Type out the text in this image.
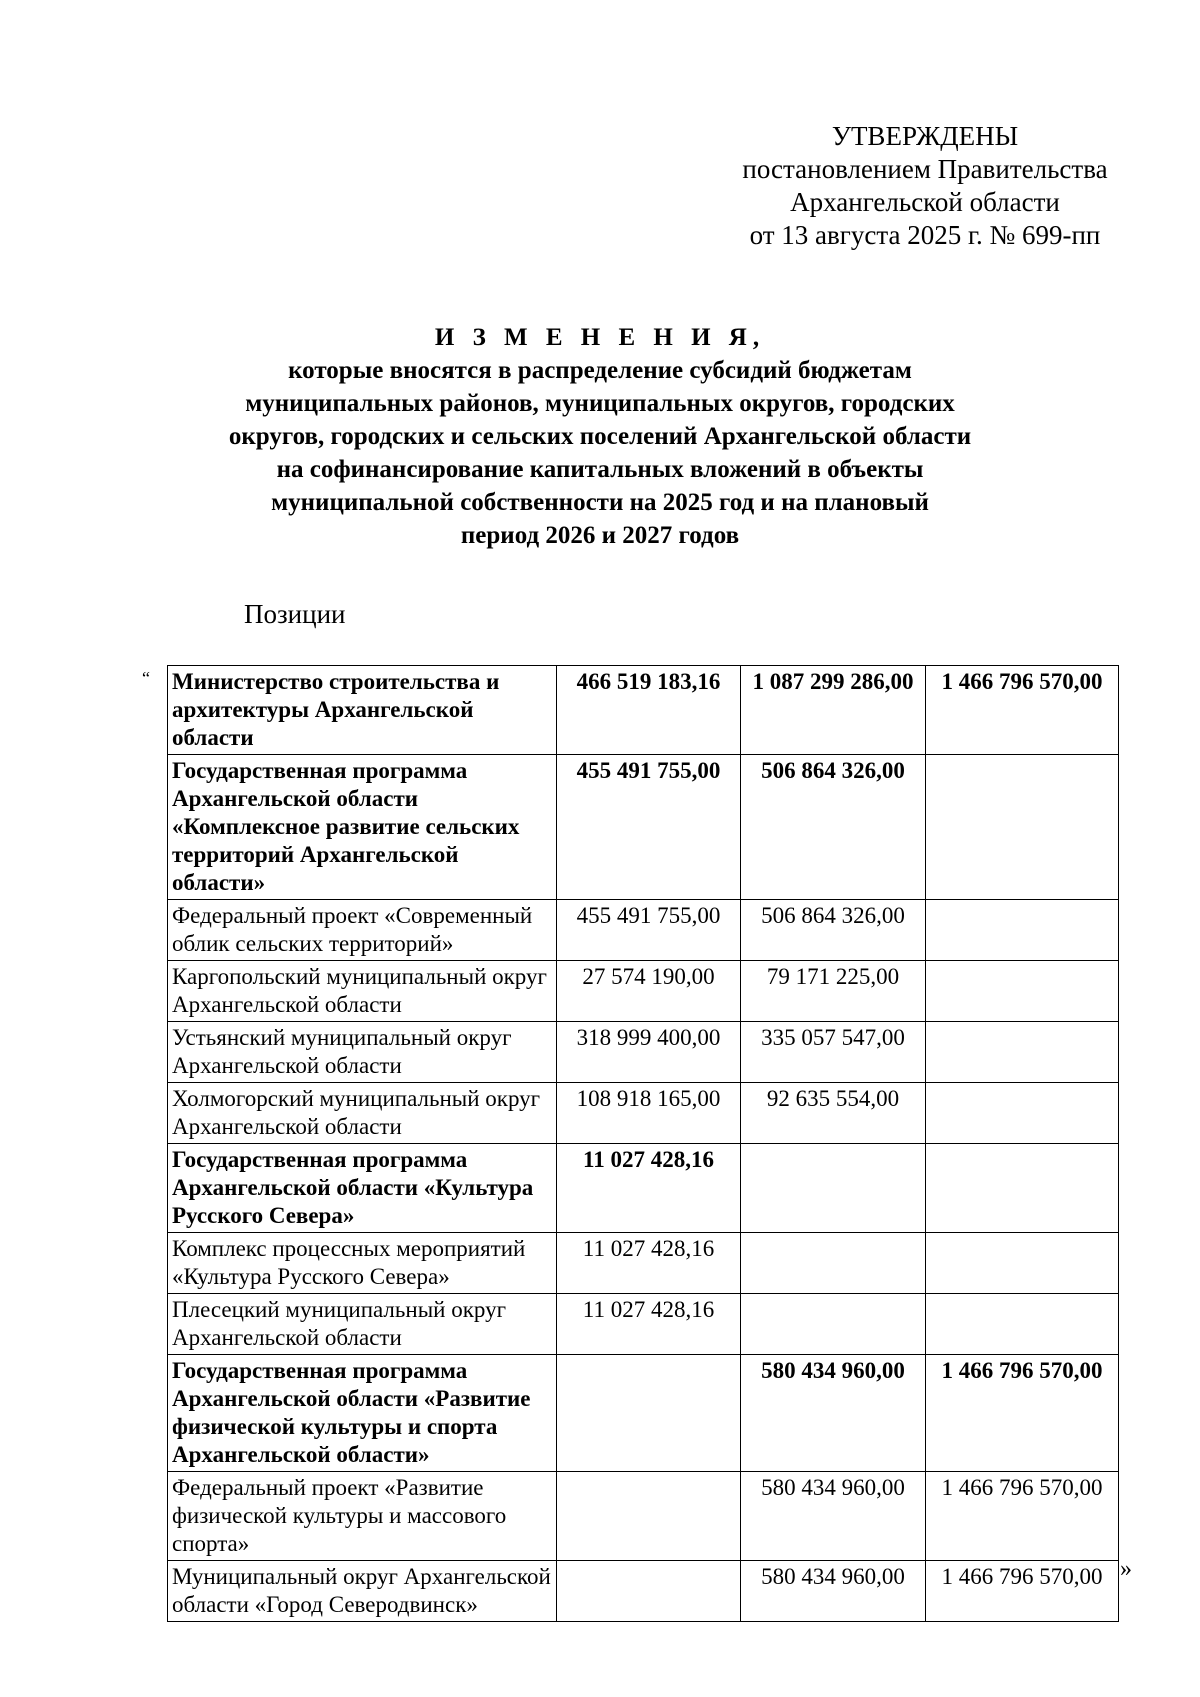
УТВЕРЖДЕНЫ
постановлением Правительства
Архангельской области
от 13 августа 2025 г. № 699-пп
И З М Е Н Е Н И Я,
которые вносятся в распределение субсидий бюджетам
муниципальных районов, муниципальных округов, городских
округов, городских и сельских поселений Архангельской области
на софинансирование капитальных вложений в объекты
муниципальной собственности на 2025 год и на плановый
период 2026 и 2027 годов
Позиции
“ Министерство строительства и архитектуры Архангельской области	466 519 183,16	1 087 299 286,00	1 466 796 570,00
Государственная программа Архангельской области «Комплексное развитие сельских территорий Архангельской области»	455 491 755,00	506 864 326,00	
Федеральный проект «Современный облик сельских территорий»	455 491 755,00	506 864 326,00	
Каргопольский муниципальный округ Архангельской области	27 574 190,00	79 171 225,00	
Устьянский муниципальный округ Архангельской области	318 999 400,00	335 057 547,00	
Холмогорский муниципальный округ Архангельской области	108 918 165,00	92 635 554,00	
Государственная программа Архангельской области «Культура Русского Севера»	11 027 428,16		
Комплекс процессных мероприятий «Культура Русского Севера»	11 027 428,16		
Плесецкий муниципальный округ Архангельской области	11 027 428,16		
Государственная программа Архангельской области «Развитие физической культуры и спорта Архангельской области»		580 434 960,00	1 466 796 570,00
Федеральный проект «Развитие физической культуры и массового спорта»		580 434 960,00	1 466 796 570,00
Муниципальный округ Архангельской области «Город Северодвинск»		580 434 960,00	1 466 796 570,00 »
